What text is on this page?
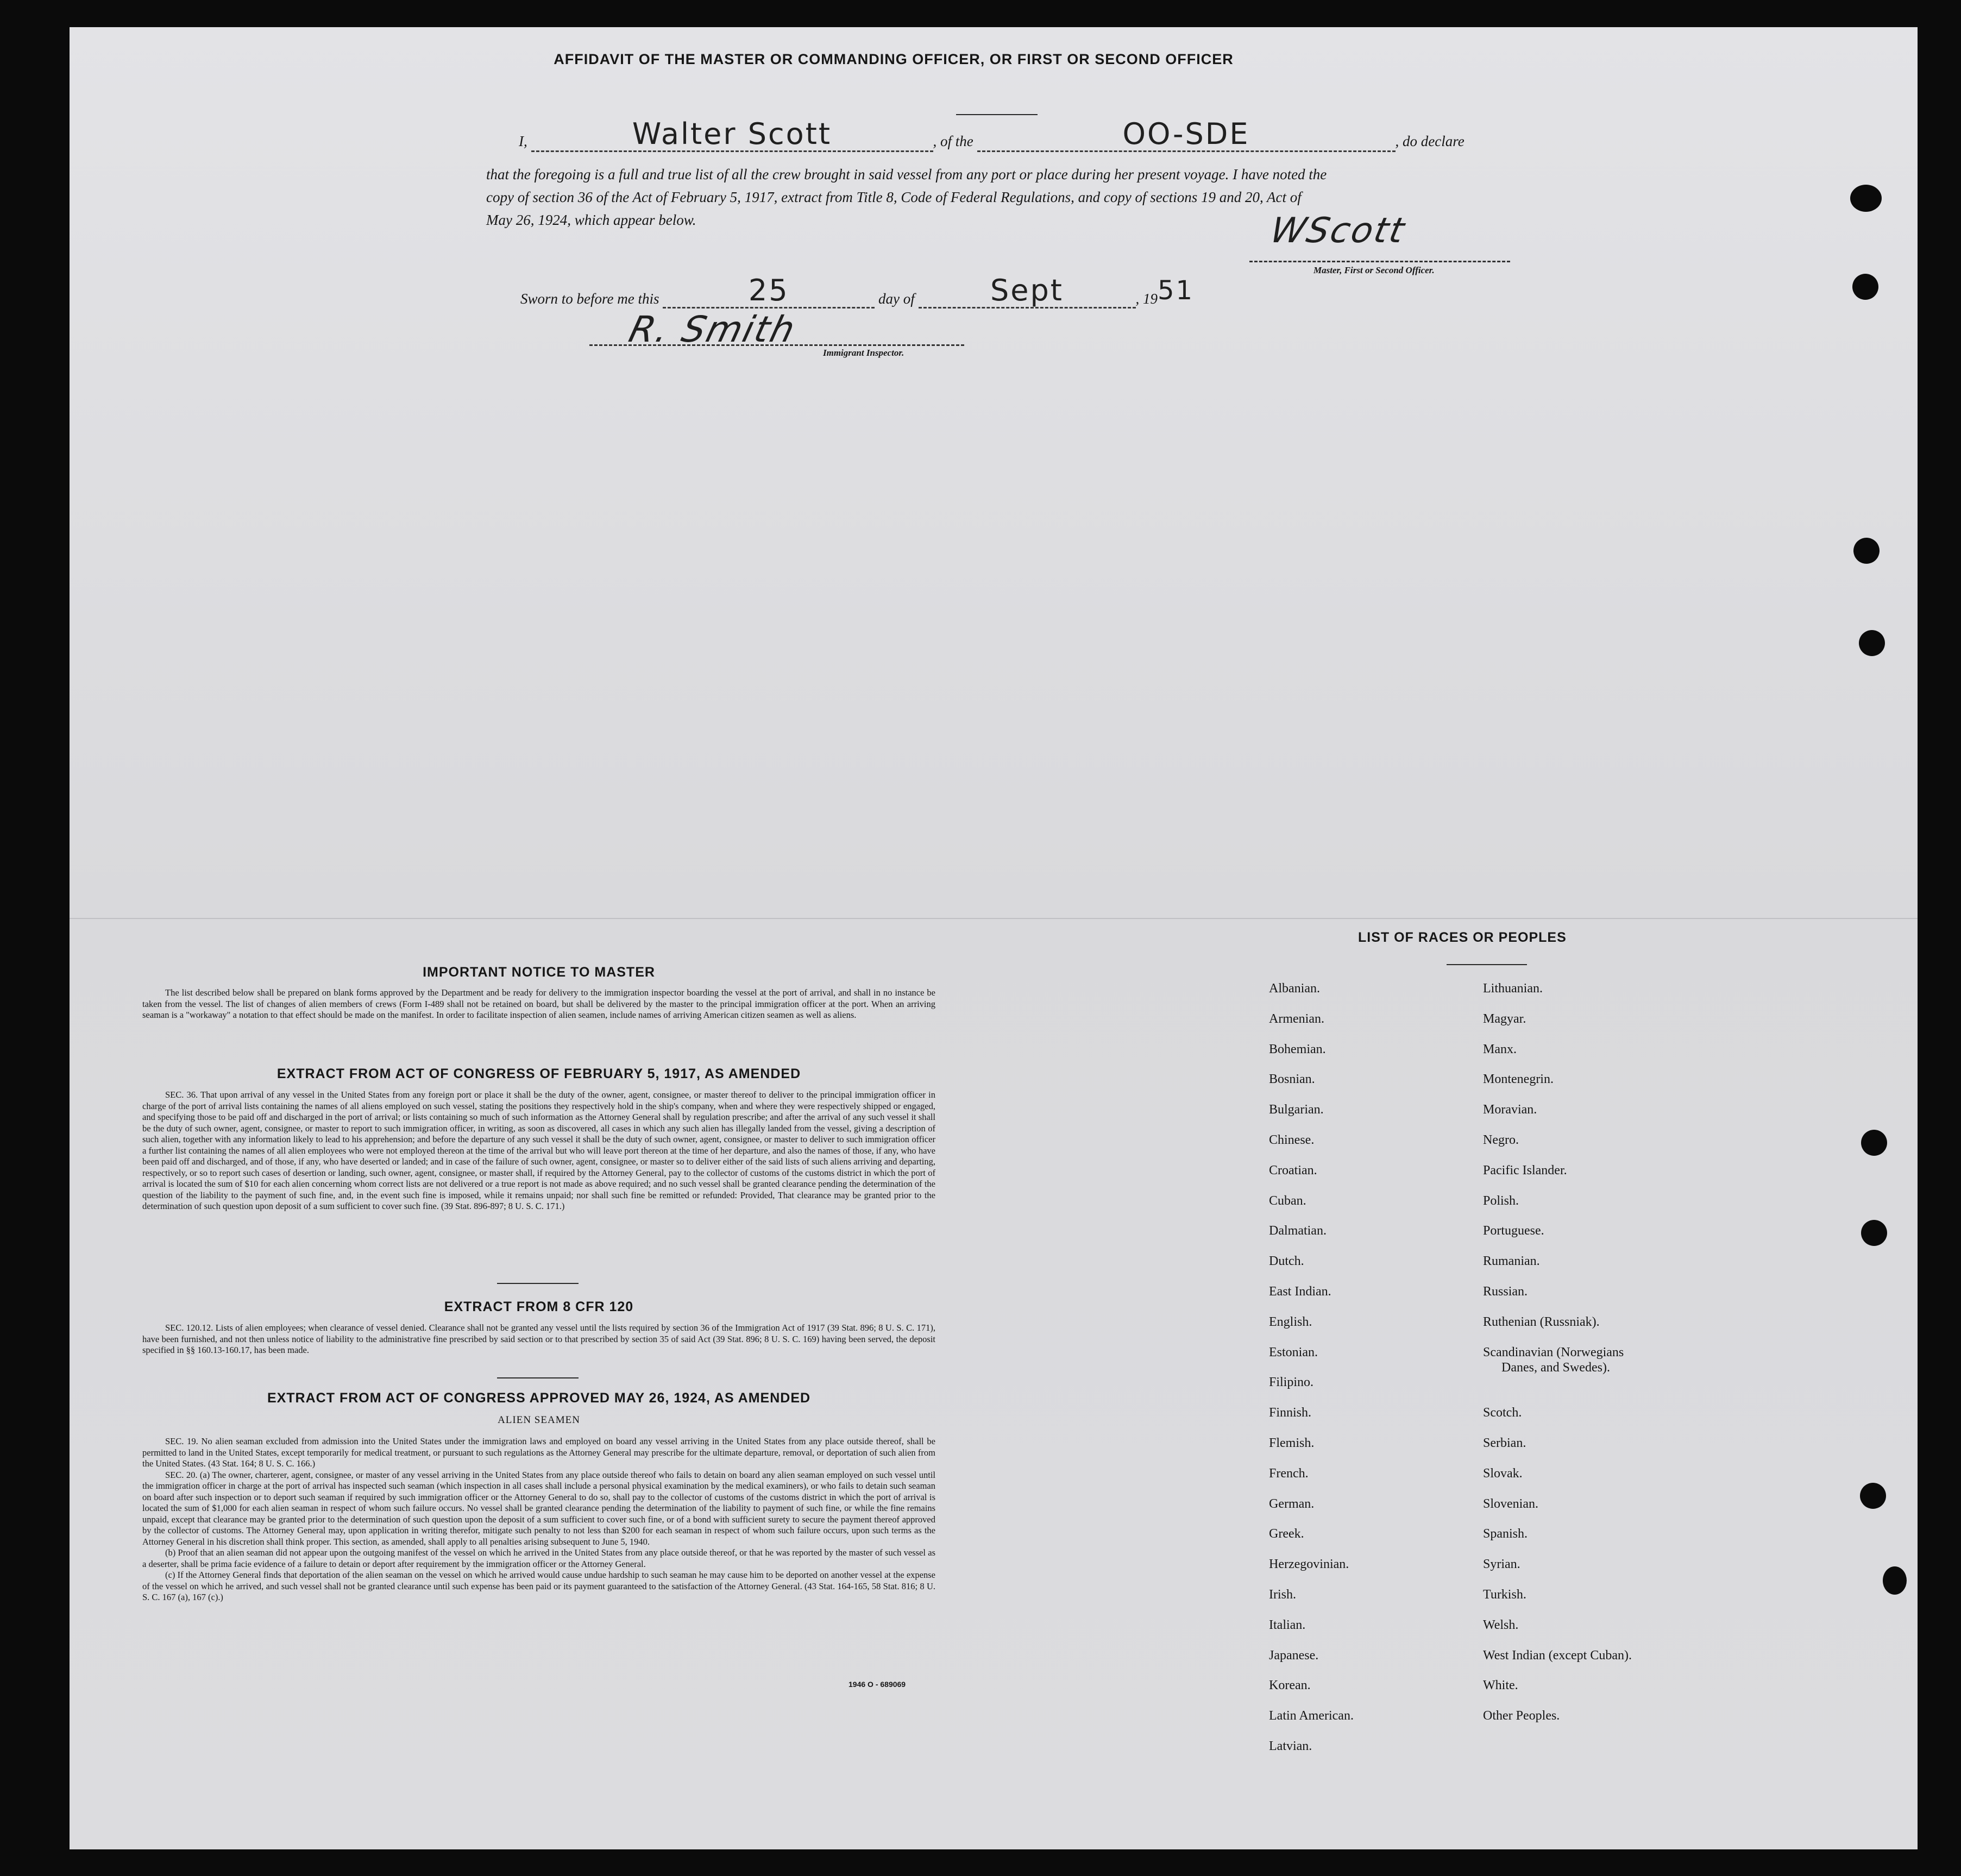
AFFIDAVIT OF THE MASTER OR COMMANDING OFFICER, OR FIRST OR SECOND OFFICER
I,	Walter Scott	, of the	OO-SDE	, do declare
that the foregoing is a full and true list of all the crew brought in said vessel from any port or place during her present voyage. I have noted the
copy of section 36 of the Act of February 5, 1917, extract from Title 8, Code of Federal Regulations, and copy of sections 19 and 20, Act of
May 26, 1924, which appear below.	WScott
Master, First or Second Officer.
Sworn to before me this	25	day of	Sept	, 1951
R. Smith
Immigrant Inspector.
IMPORTANT NOTICE TO MASTER
The list described below shall be prepared on blank forms approved by the Department and be ready for delivery to the immigration inspector boarding the vessel at the port of arrival, and shall in no instance be taken from the vessel. The list of changes of alien members of crews (Form I-489 shall not be retained on board, but shall be delivered by the master to the principal immigration officer at the port. When an arriving seaman is a "workaway" a notation to that effect should be made on the manifest. In order to facilitate inspection of alien seamen, include names of arriving American citizen seamen as well as aliens.
EXTRACT FROM ACT OF CONGRESS OF FEBRUARY 5, 1917, AS AMENDED
SEC. 36. That upon arrival of any vessel in the United States from any foreign port or place it shall be the duty of the owner, agent, consignee, or master thereof to deliver to the principal immigration officer in charge of the port of arrival lists containing the names of all aliens employed on such vessel, stating the positions they respectively hold in the ship's company, when and where they were respectively shipped or engaged, and specifying those to be paid off and discharged in the port of arrival; or lists containing so much of such information as the Attorney General shall by regulation prescribe; and after the arrival of any such vessel it shall be the duty of such owner, agent, consignee, or master to report to such immigration officer, in writing, as soon as discovered, all cases in which any such alien has illegally landed from the vessel, giving a description of such alien, together with any information likely to lead to his apprehension; and before the departure of any such vessel it shall be the duty of such owner, agent, consignee, or master to deliver to such immigration officer a further list containing the names of all alien employees who were not employed thereon at the time of the arrival but who will leave port thereon at the time of her departure, and also the names of those, if any, who have been paid off and discharged, and of those, if any, who have deserted or landed; and in case of the failure of such owner, agent, consignee, or master so to deliver either of the said lists of such aliens arriving and departing, respectively, or so to report such cases of desertion or landing, such owner, agent, consignee, or master shall, if required by the Attorney General, pay to the collector of customs of the customs district in which the port of arrival is located the sum of $10 for each alien concerning whom correct lists are not delivered or a true report is not made as above required; and no such vessel shall be granted clearance pending the determination of the question of the liability to the payment of such fine, and, in the event such fine is imposed, while it remains unpaid; nor shall such fine be remitted or refunded: Provided, That clearance may be granted prior to the determination of such question upon deposit of a sum sufficient to cover such fine. (39 Stat. 896-897; 8 U. S. C. 171.)
EXTRACT FROM 8 CFR 120
SEC. 120.12. Lists of alien employees; when clearance of vessel denied. Clearance shall not be granted any vessel until the lists required by section 36 of the Immigration Act of 1917 (39 Stat. 896; 8 U. S. C. 171), have been furnished, and not then unless notice of liability to the administrative fine prescribed by said section or to that prescribed by section 35 of said Act (39 Stat. 896; 8 U. S. C. 169) having been served, the deposit specified in §§ 160.13-160.17, has been made.
EXTRACT FROM ACT OF CONGRESS APPROVED MAY 26, 1924, AS AMENDED
ALIEN SEAMEN

SEC. 19. No alien seaman excluded from admission into the United States under the immigration laws and employed on board any vessel arriving in the United States from any place outside thereof, shall be permitted to land in the United States, except temporarily for medical treatment, or pursuant to such regulations as the Attorney General may prescribe for the ultimate departure, removal, or deportation of such alien from the United States. (43 Stat. 164; 8 U. S. C. 166.)

SEC. 20. (a) The owner, charterer, agent, consignee, or master of any vessel arriving in the United States from any place outside thereof who fails to detain on board any alien seaman employed on such vessel until the immigration officer in charge at the port of arrival has inspected such seaman (which inspection in all cases shall include a personal physical examination by the medical examiners), or who fails to detain such seaman on board after such inspection or to deport such seaman if required by such immigration officer or the Attorney General to do so, shall pay to the collector of customs of the customs district in which the port of arrival is located the sum of $1,000 for each alien seaman in respect of whom such failure occurs. No vessel shall be granted clearance pending the determination of the liability to payment of such fine, or while the fine remains unpaid, except that clearance may be granted prior to the determination of such question upon the deposit of a sum sufficient to cover such fine, or of a bond with sufficient surety to secure the payment thereof approved by the collector of customs. The Attorney General may, upon application in writing therefor, mitigate such penalty to not less than $200 for each seaman in respect of whom such failure occurs, upon such terms as the Attorney General in his discretion shall think proper. This section, as amended, shall apply to all penalties arising subsequent to June 5, 1940.

(b) Proof that an alien seaman did not appear upon the outgoing manifest of the vessel on which he arrived in the United States from any place outside thereof, or that he was reported by the master of such vessel as a deserter, shall be prima facie evidence of a failure to detain or deport after requirement by the immigration officer or the Attorney General.

(c) If the Attorney General finds that deportation of the alien seaman on the vessel on which he arrived would cause undue hardship to such seaman he may cause him to be deported on another vessel at the expense of the vessel on which he arrived, and such vessel shall not be granted clearance until such expense has been paid or its payment guaranteed to the satisfaction of the Attorney General. (43 Stat. 164-165, 58 Stat. 816; 8 U. S. C. 167 (a), 167 (c).)

1946 O - 689069
LIST OF RACES OR PEOPLES
Albanian.
Armenian.
Bohemian.
Bosnian.
Bulgarian.
Chinese.
Croatian.
Cuban.
Dalmatian.
Dutch.
East Indian.
English.
Estonian.
Filipino.
Finnish.
Flemish.
French.
German.
Greek.
Herzegovinian.
Irish.
Italian.
Japanese.
Korean.
Latin American.
Latvian.
Lithuanian.
Magyar.
Manx.
Montenegrin.
Moravian.
Negro.
Pacific Islander.
Polish.
Portuguese.
Rumanian.
Russian.
Ruthenian (Russniak).
Scandinavian (Norwegians
Danes, and Swedes).
Scotch.
Serbian.
Slovak.
Slovenian.
Spanish.
Syrian.
Turkish.
Welsh.
West Indian (except Cuban).
White.
Other Peoples.
